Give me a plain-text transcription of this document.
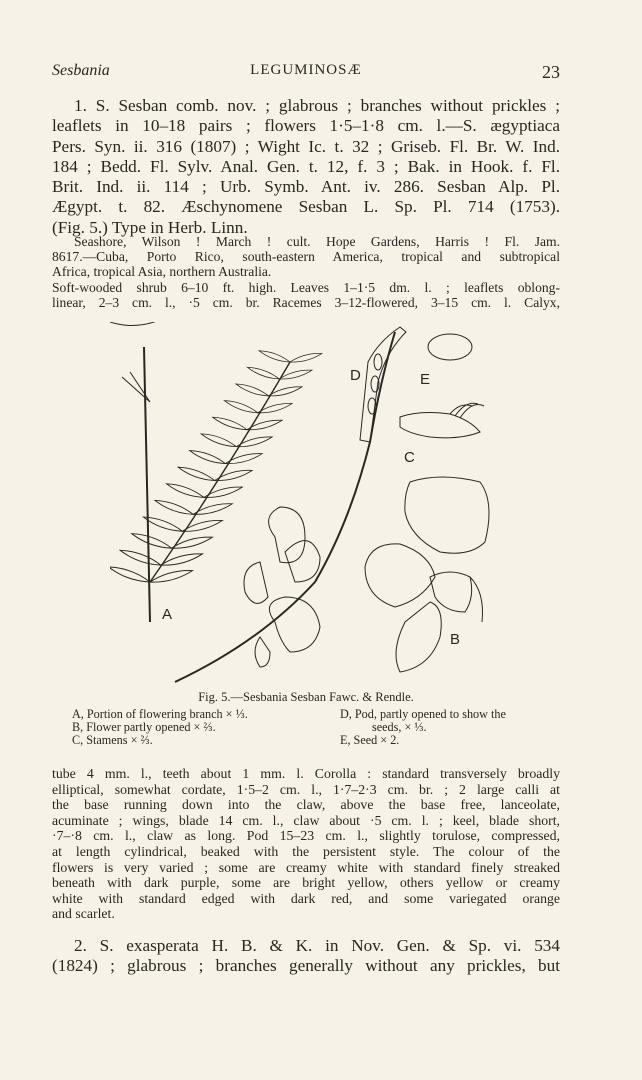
Sesbania	LEGUMINOSÆ	23
1. S. Sesban comb. nov. ; glabrous ; branches without prickles ;
leaflets in 10–18 pairs ; flowers 1·5–1·8 cm. l.—S. ægyptiaca
Pers. Syn. ii. 316 (1807) ; Wight Ic. t. 32 ; Griseb. Fl. Br. W. Ind.
184 ; Bedd. Fl. Sylv. Anal. Gen. t. 12, f. 3 ; Bak. in Hook. f. Fl.
Brit. Ind. ii. 114 ; Urb. Symb. Ant. iv. 286. Sesban Alp. Pl.
Ægypt. t. 82. Æschynomene Sesban L. Sp. Pl. 714 (1753).
(Fig. 5.) Type in Herb. Linn.
Seashore, Wilson ! March ! cult. Hope Gardens, Harris ! Fl. Jam.
8617.—Cuba, Porto Rico, south-eastern America, tropical and subtropical
Africa, tropical Asia, northern Australia.
Soft-wooded shrub 6–10 ft. high. Leaves 1–1·5 dm. l. ; leaflets oblong-
linear, 2–3 cm. l., ·5 cm. br. Racemes 3–12-flowered, 3–15 cm. l. Calyx,
A
B
C
D	E
Fig. 5.—Sesbania Sesban Fawc. & Rendle.
A, Portion of flowering branch × ⅓.	D, Pod, partly opened to show the
B, Flower partly opened × ⅔.	seeds, × ⅓.
C, Stamens × ⅔.	E, Seed × 2.
tube 4 mm. l., teeth about 1 mm. l. Corolla : standard transversely broadly
elliptical, somewhat cordate, 1·5–2 cm. l., 1·7–2·3 cm. br. ; 2 large calli at
the base running down into the claw, above the base free, lanceolate,
acuminate ; wings, blade 14 cm. l., claw about ·5 cm. l. ; keel, blade short,
·7–·8 cm. l., claw as long. Pod 15–23 cm. l., slightly torulose, compressed,
at length cylindrical, beaked with the persistent style. The colour of the
flowers is very varied ; some are creamy white with standard finely streaked
beneath with dark purple, some are bright yellow, others yellow or creamy
white with standard edged with dark red, and some variegated orange
and scarlet.
2. S. exasperata H. B. & K. in Nov. Gen. & Sp. vi. 534
(1824) ; glabrous ; branches generally without any prickles, but
